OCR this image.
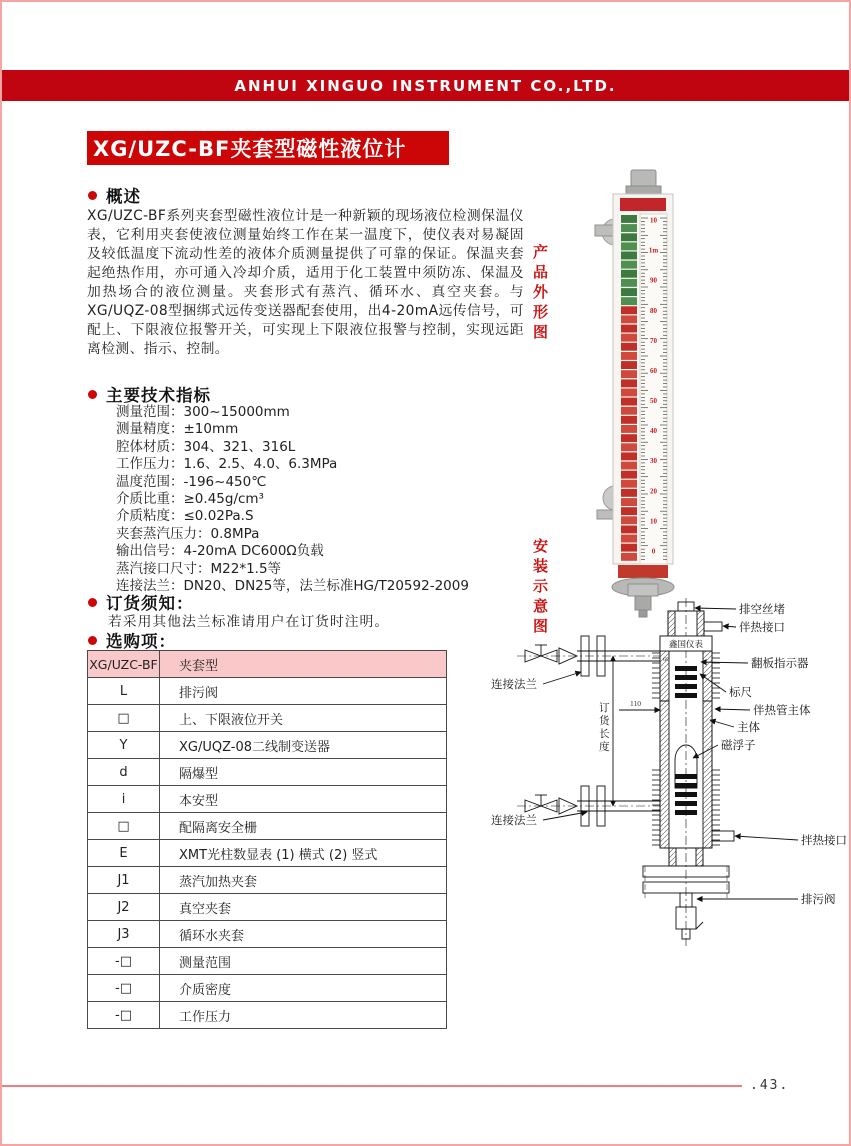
ANHUI XINGUO INSTRUMENT CO.,LTD.
XG/UZC-BF夹套型磁性液位计
概述
XG/UZC-BF系列夹套型磁性液位计是一种新颖的现场液位检测保温仪表，它利用夹套使液位测量始终工作在某一温度下，使仪表对易凝固及较低温度下流动性差的液体介质测量提供了可靠的保证。保温夹套起绝热作用，亦可通入冷却介质，适用于化工装置中须防冻、保温及加热场合的液位测量。夹套形式有蒸汽、循环水、真空夹套。与XG/UQZ-08型捆绑式远传变送器配套使用，出4-20mA远传信号，可配上、下限液位报警开关，可实现上下限液位报警与控制，实现远距离检测、指示、控制。
主要技术指标
测量范围：300~15000mm
测量精度：±10mm
腔体材质：304、321、316L
工作压力：1.6、2.5、4.0、6.3MPa
温度范围：-196~450℃
介质比重：≥0.45g/cm³
介质粘度：≤0.02Pa.S
夹套蒸汽压力：0.8MPa
输出信号：4-20mA DC600Ω负载
蒸汽接口尺寸：M22*1.5等
连接法兰：DN20、DN25等，法兰标准HG/T20592-2009
订货须知：
若采用其他法兰标准请用户在订货时注明。
选购项：
XG/UZC-BF	夹套型
L	排污阀
□	上、下限液位开关
Y	XG/UQZ-08二线制变送器
d	隔爆型
i	本安型
□	配隔离安全栅
E	XMT光柱数显表 (1) 横式 (2) 竖式
J1	蒸汽加热夹套
J2	真空夹套
J3	循环水夹套
-□	测量范围
-□	介质密度
-□	工作压力
产品外形图
安装示意图
10
1m
90
80
70
60
50
40
30
20
10
0
鑫国仪表
60
110
订货长度
排空丝堵
伴热接口
翻板指示器
标尺
伴热管主体
主体
磁浮子
拌热接口
排污阀
连接法兰
连接法兰
.43.
